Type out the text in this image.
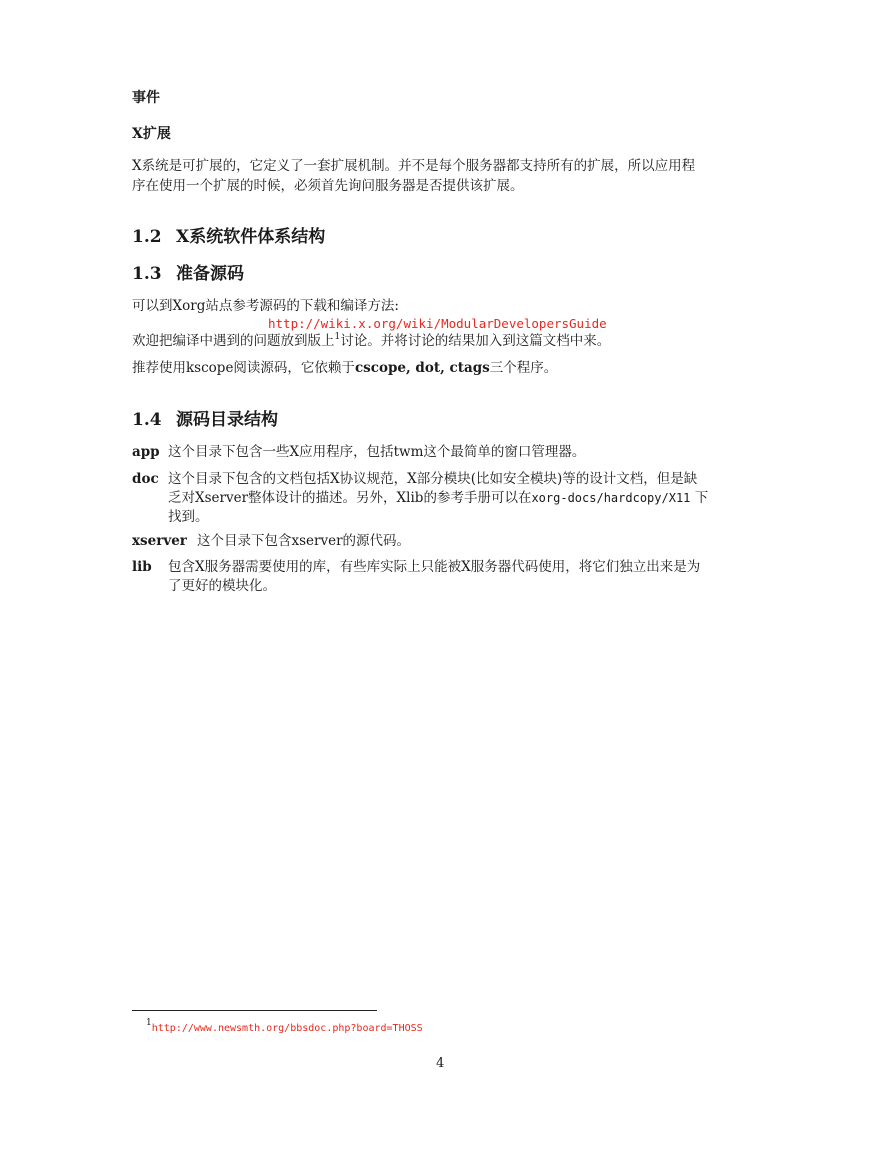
事件
X扩展
X系统是可扩展的，它定义了一套扩展机制。并不是每个服务器都支持所有的扩展，所以应用程
序在使用一个扩展的时候，必须首先询问服务器是否提供该扩展。
1.2 X系统软件体系结构
1.3 准备源码
可以到Xorg站点参考源码的下载和编译方法:
http://wiki.x.org/wiki/ModularDevelopersGuide
欢迎把编译中遇到的问题放到版上$^1$讨论。并将讨论的结果加入到这篇文档中来。
推荐使用kscope阅读源码，它依赖于cscope, dot, ctags三个程序。
1.4 源码目录结构
app 这个目录下包含一些X应用程序，包括twm这个最简单的窗口管理器。
doc 这个目录下包含的文档包括X协议规范，X部分模块(比如安全模块)等的设计文档，但是缺
乏对Xserver整体设计的描述。另外，Xlib的参考手册可以在xorg-docs/hardcopy/X11 下
找到。
xserver 这个目录下包含xserver的源代码。
lib 包含X服务器需要使用的库，有些库实际上只能被X服务器代码使用，将它们独立出来是为
了更好的模块化。
$^1$http://www.newsmth.org/bbsdoc.php?board=THOSS
4
